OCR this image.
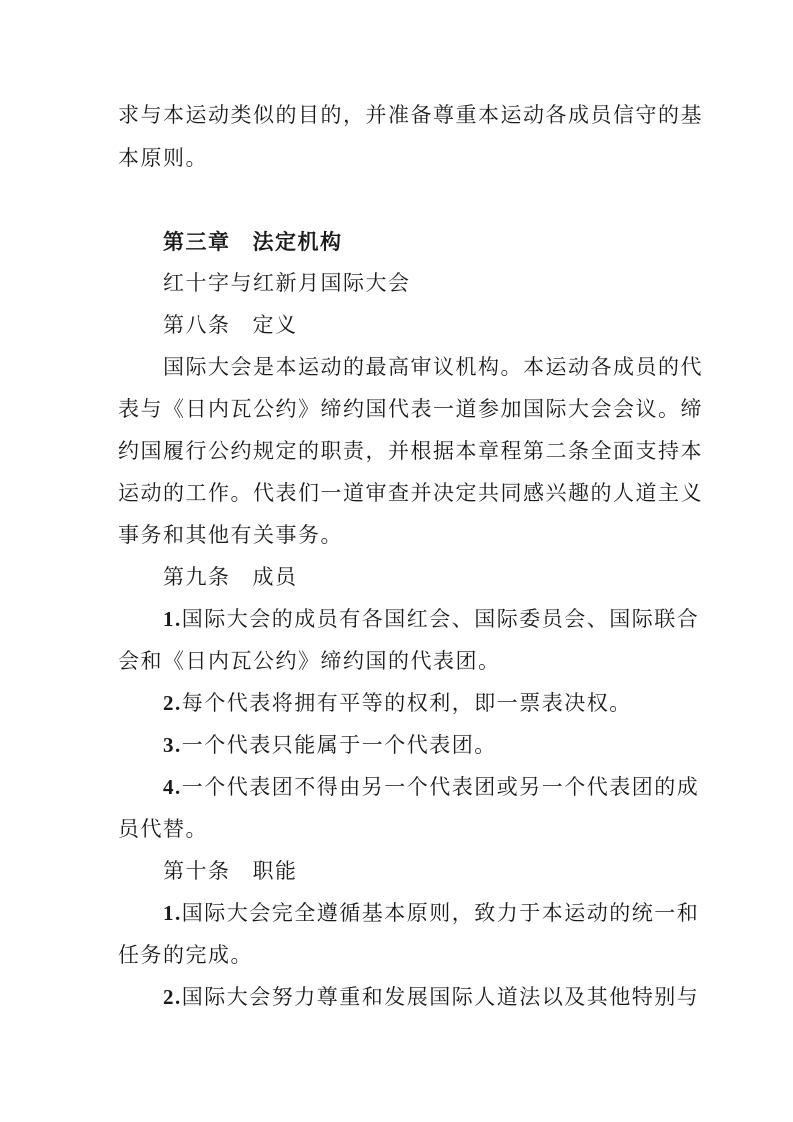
求与本运动类似的目的，并准备尊重本运动各成员信守的基
本原则。
第三章 法定机构
红十字与红新月国际大会
第八条 定义
国际大会是本运动的最高审议机构。本运动各成员的代
表与《日内瓦公约》缔约国代表一道参加国际大会会议。缔
约国履行公约规定的职责，并根据本章程第二条全面支持本
运动的工作。代表们一道审查并决定共同感兴趣的人道主义
事务和其他有关事务。
第九条 成员
1.国际大会的成员有各国红会、国际委员会、国际联合
会和《日内瓦公约》缔约国的代表团。
2.每个代表将拥有平等的权利，即一票表决权。
3.一个代表只能属于一个代表团。
4.一个代表团不得由另一个代表团或另一个代表团的成
员代替。
第十条 职能
1.国际大会完全遵循基本原则，致力于本运动的统一和
任务的完成。
2.国际大会努力尊重和发展国际人道法以及其他特别与
